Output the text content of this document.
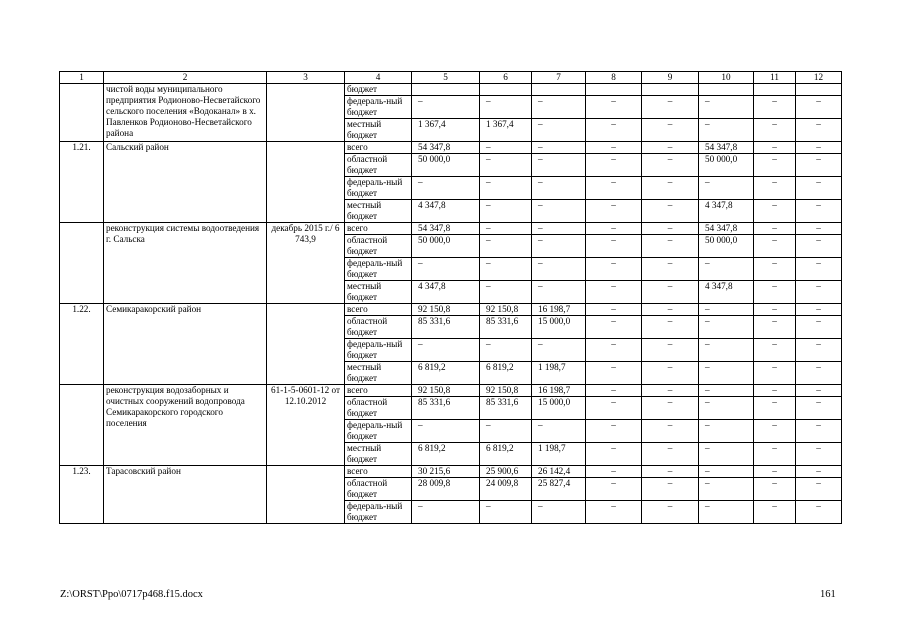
1	2	3	4	5	6	7	8	9	10	11	12
	чистой воды муниципального предприятия Родионово-Несветайского сельского поселения «Водоканал» в х. Павленков Родионово-Несветайского района		бюджет								
			федераль-ный бюджет	–	–	–	–	–	–	–	–
			местный бюджет	1 367,4	1 367,4	–	–	–	–	–	–
1.21.	Сальский район		всего	54 347,8	–	–	–	–	54 347,8	–	–
			областной бюджет	50 000,0	–	–	–	–	50 000,0	–	–
			федераль-ный бюджет	–	–	–	–	–	–	–	–
			местный бюджет	4 347,8	–	–	–	–	4 347,8	–	–
	реконструкция системы водоотведения г. Сальска	декабрь 2015 г./ 6 743,9	всего	54 347,8	–	–	–	–	54 347,8	–	–
			областной бюджет	50 000,0	–	–	–	–	50 000,0	–	–
			федераль-ный бюджет	–	–	–	–	–	–	–	–
			местный бюджет	4 347,8	–	–	–	–	4 347,8	–	–
1.22.	Семикаракорский район		всего	92 150,8	92 150,8	16 198,7	–	–	–	–	–
			областной бюджет	85 331,6	85 331,6	15 000,0	–	–	–	–	–
			федераль-ный бюджет	–	–	–	–	–	–	–	–
			местный бюджет	6 819,2	6 819,2	1 198,7	–	–	–	–	–
	реконструкция водозаборных и очистных сооружений водопровода Семикаракорского городского поселения	61-1-5-0601-12 от 12.10.2012	всего	92 150,8	92 150,8	16 198,7	–	–	–	–	–
			областной бюджет	85 331,6	85 331,6	15 000,0	–	–	–	–	–
			федераль-ный бюджет	–	–	–	–	–	–	–	–
			местный бюджет	6 819,2	6 819,2	1 198,7	–	–	–	–	–
1.23.	Тарасовский район		всего	30 215,6	25 900,6	26 142,4	–	–	–	–	–
			областной бюджет	28 009,8	24 009,8	25 827,4	–	–	–	–	–
			федераль-ный бюджет	–	–	–	–	–	–	–	–
Z:\ORST\Ppo\0717p468.f15.docx	161
